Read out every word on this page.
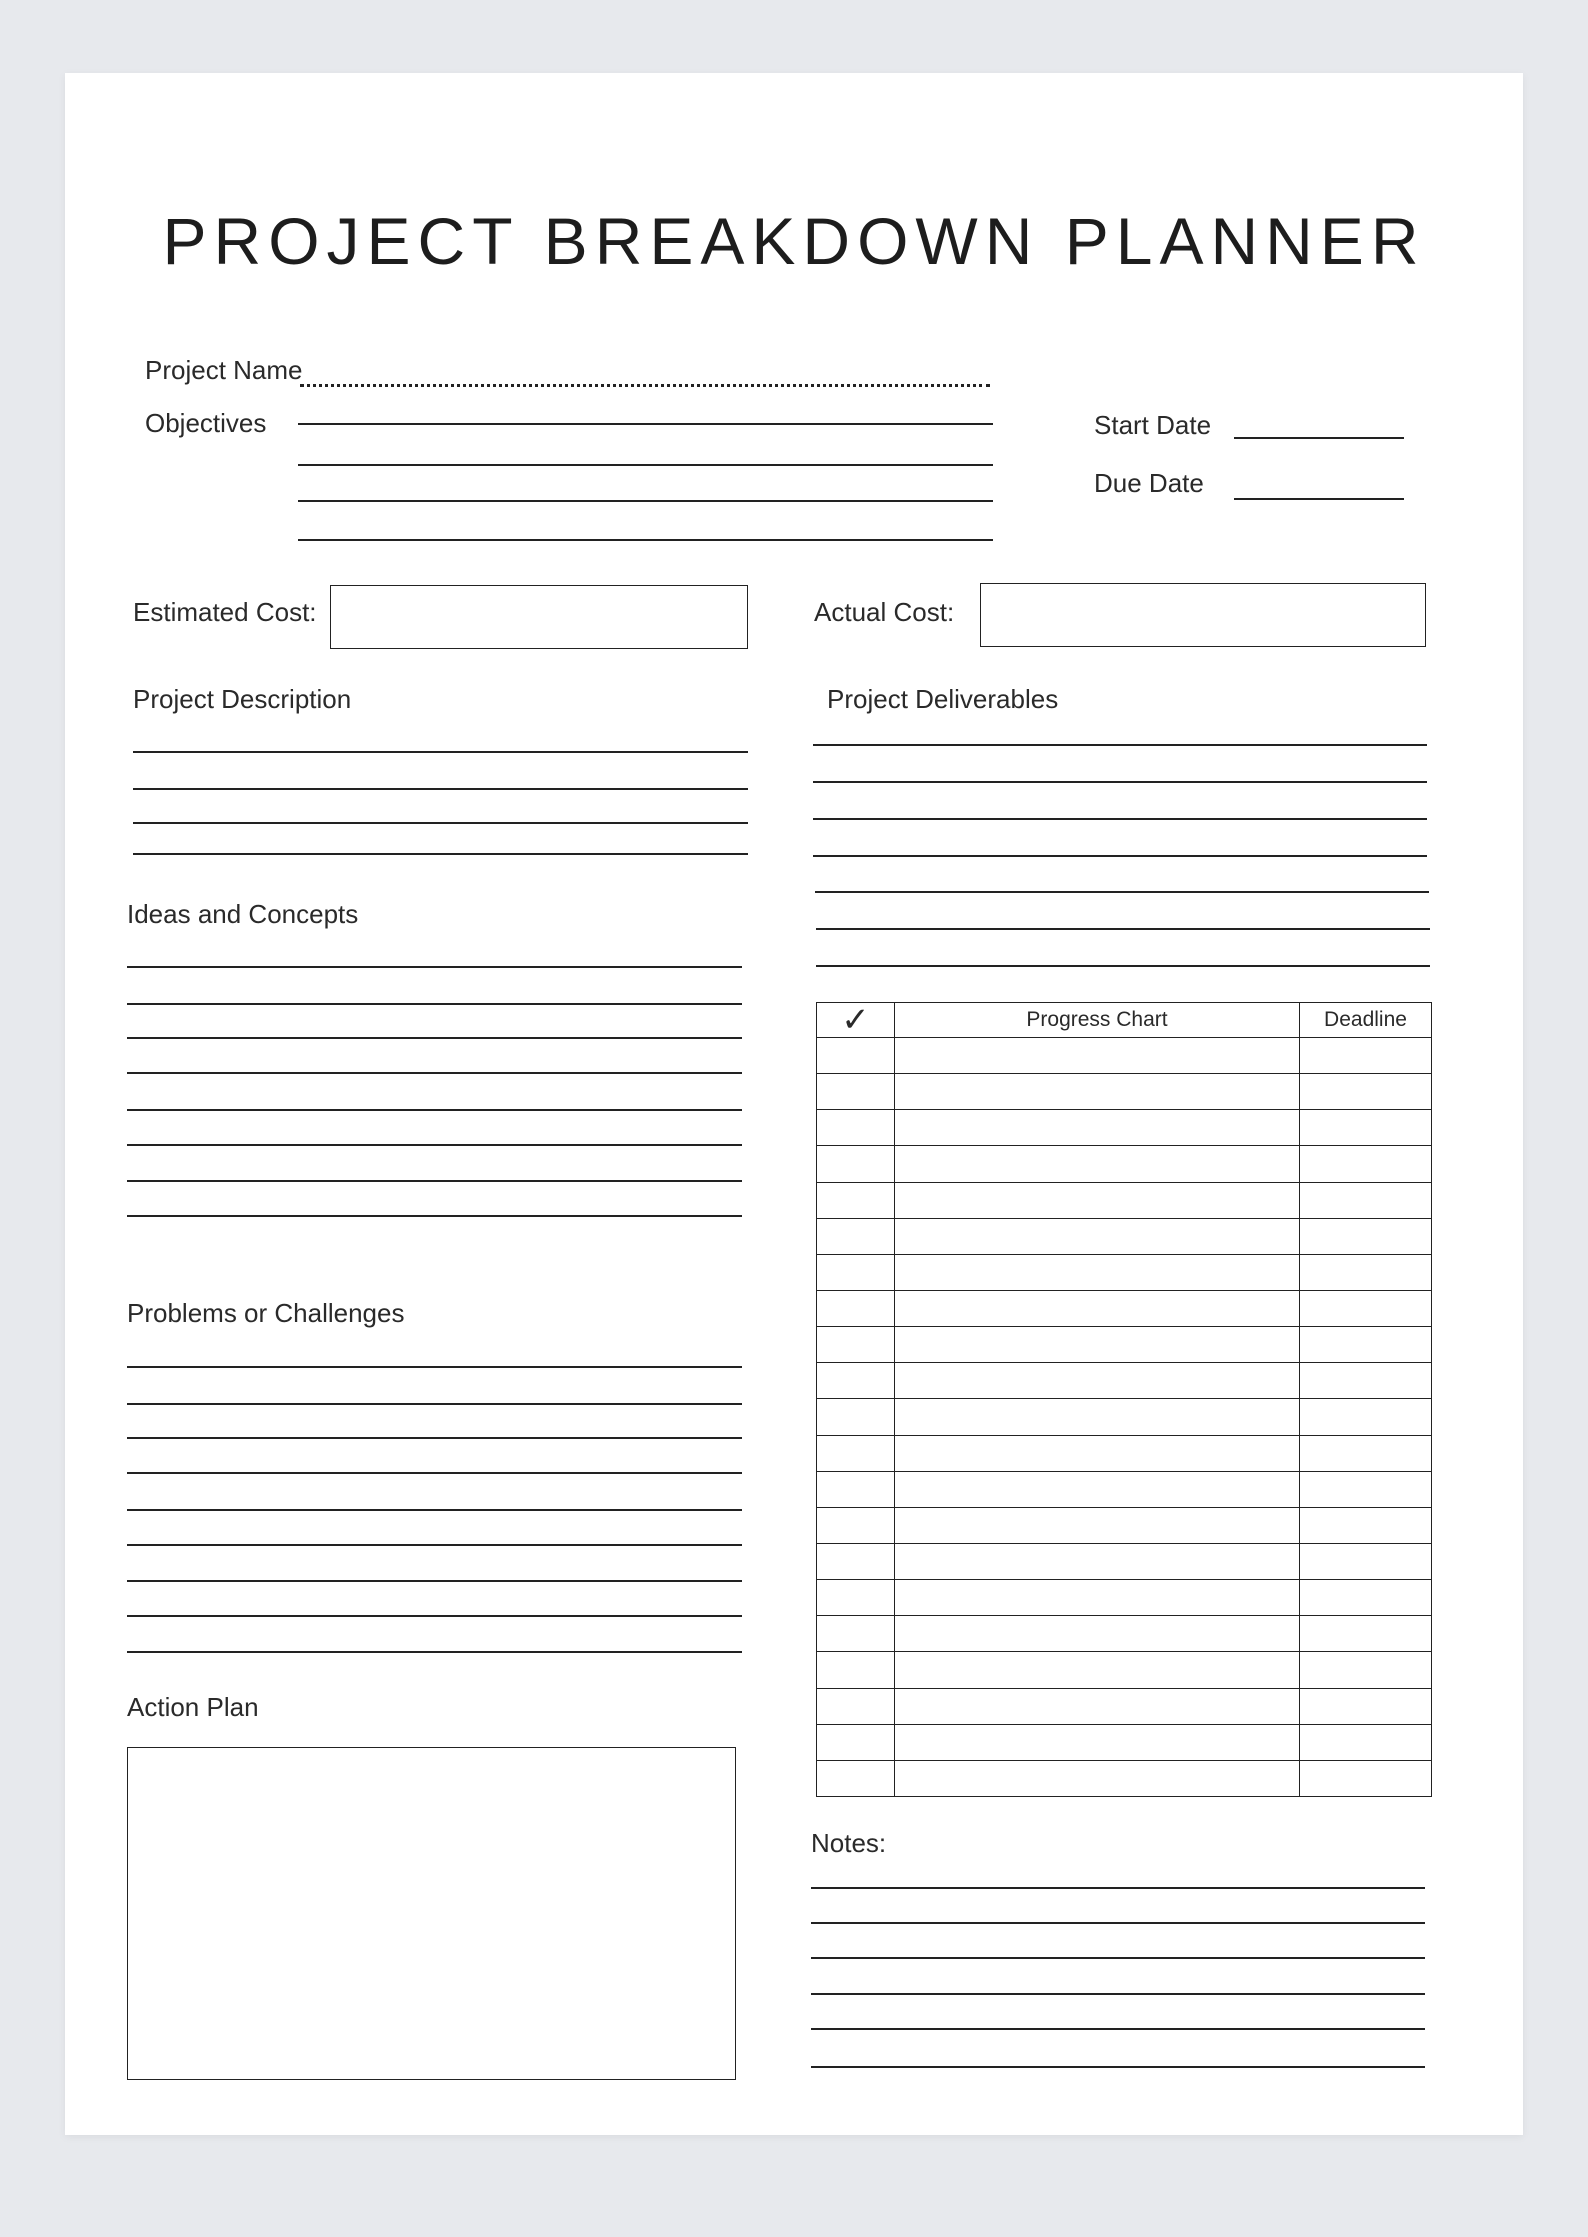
PROJECT BREAKDOWN PLANNER
Project Name
Objectives	Start Date
Due Date
Estimated Cost:	Actual Cost:
Project Description	Project Deliverables
Ideas and Concepts
Problems or Challenges
Action Plan
✓	Progress Chart	Deadline

Notes:
